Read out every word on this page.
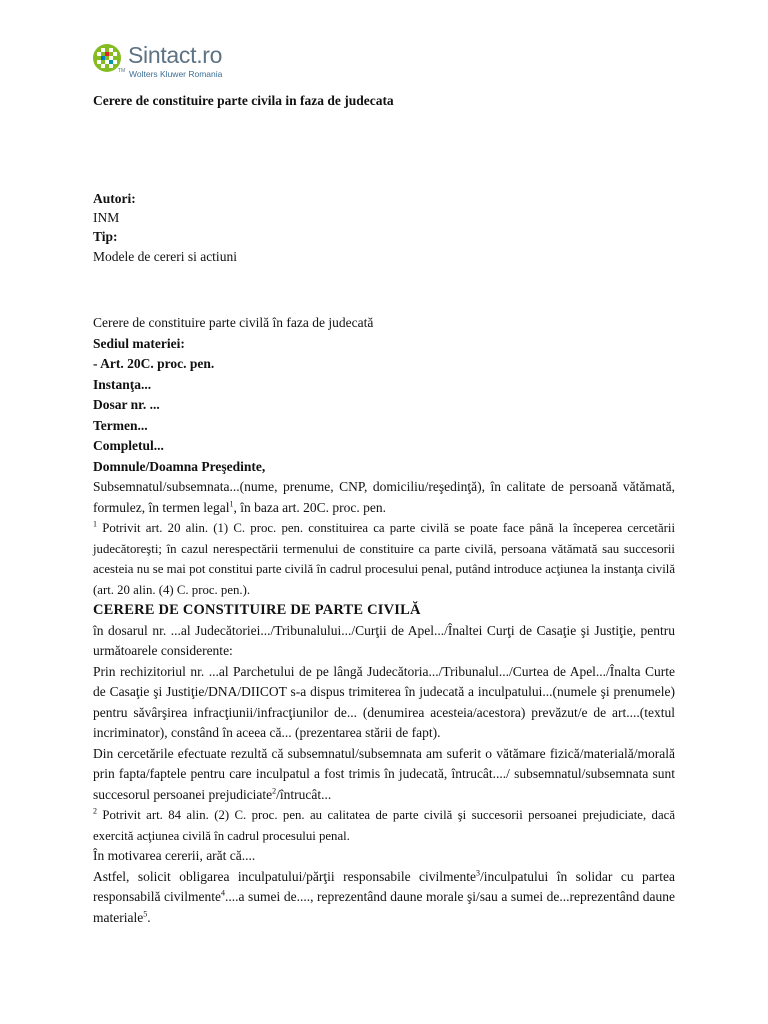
TM
Sintact.ro
Wolters Kluwer Romania
Cerere de constituire parte civila in faza de judecata

Autori:

INM

Tip:

Modele de cereri si actiuni

Cerere de constituire parte civilă în faza de judecată

Sediul materiei:

- Art. 20C. proc. pen.

Instanţa...

Dosar nr. ...

Termen...

Completul...

Domnule/Doamna Preşedinte,

Subsemnatul/subsemnata...(nume, prenume, CNP, domiciliu/reşedinţă), în calitate de persoană vătămată, formulez, în termen legal$^1$, în baza art. 20C. proc. pen.

$^1$ Potrivit art. 20 alin. (1) C. proc. pen. constituirea ca parte civilă se poate face până la începerea cercetării judecătoreşti; în cazul nerespectării termenului de constituire ca parte civilă, persoana vătămată sau succesorii acesteia nu se mai pot constitui parte civilă în cadrul procesului penal, putând introduce acţiunea la instanţa civilă (art. 20 alin. (4) C. proc. pen.).

CERERE DE CONSTITUIRE DE PARTE CIVILĂ

în dosarul nr. ...al Judecătoriei.../Tribunalului.../Curţii de Apel.../Înaltei Curţi de Casaţie şi Justiţie, pentru următoarele considerente:

Prin rechizitoriul nr. ...al Parchetului de pe lângă Judecătoria.../Tribunalul.../Curtea de Apel.../Înalta Curte de Casaţie şi Justiţie/DNA/DIICOT s-a dispus trimiterea în judecată a inculpatului...(numele şi prenumele) pentru săvârşirea infracţiunii/infracţiunilor de... (denumirea acesteia/acestora) prevăzut/e de art....(textul incriminator), constând în aceea că... (prezentarea stării de fapt).

Din cercetările efectuate rezultă că subsemnatul/subsemnata am suferit o vătămare fizică/materială/morală prin fapta/faptele pentru care inculpatul a fost trimis în judecată, întrucât..../ subsemnatul/subsemnata sunt succesorul persoanei prejudiciate$^2$/întrucât...

$^2$ Potrivit art. 84 alin. (2) C. proc. pen. au calitatea de parte civilă şi succesorii persoanei prejudiciate, dacă exercită acţiunea civilă în cadrul procesului penal.

În motivarea cererii, arăt că....

Astfel, solicit obligarea inculpatului/părţii responsabile civilmente$^3$/inculpatului în solidar cu partea responsabilă civilmente$^4$....a sumei de...., reprezentând daune morale şi/sau a sumei de...reprezentând daune materiale$^5$.
